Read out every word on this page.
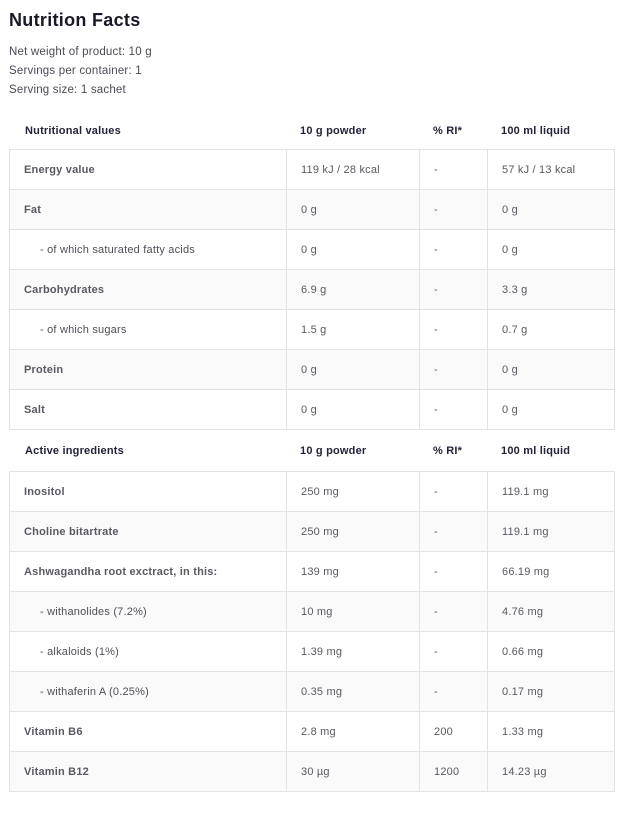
Nutrition Facts
Net weight of product: 10 g
Servings per container: 1
Serving size: 1 sachet
Nutritional values	10 g powder	% RI*	100 ml liquid
Energy value	119 kJ / 28 kcal	-	57 kJ / 13 kcal
Fat	0 g	-	0 g
- of which saturated fatty acids	0 g	-	0 g
Carbohydrates	6.9 g	-	3.3 g
- of which sugars	1.5 g	-	0.7 g
Protein	0 g	-	0 g
Salt	0 g	-	0 g
Active ingredients	10 g powder	% RI*	100 ml liquid
Inositol	250 mg	-	119.1 mg
Choline bitartrate	250 mg	-	119.1 mg
Ashwagandha root exctract, in this:	139 mg	-	66.19 mg
- withanolides (7.2%)	10 mg	-	4.76 mg
- alkaloids (1%)	1.39 mg	-	0.66 mg
- withaferin A (0.25%)	0.35 mg	-	0.17 mg
Vitamin B6	2.8 mg	200	1.33 mg
Vitamin B12	30 µg	1200	14.23 µg
